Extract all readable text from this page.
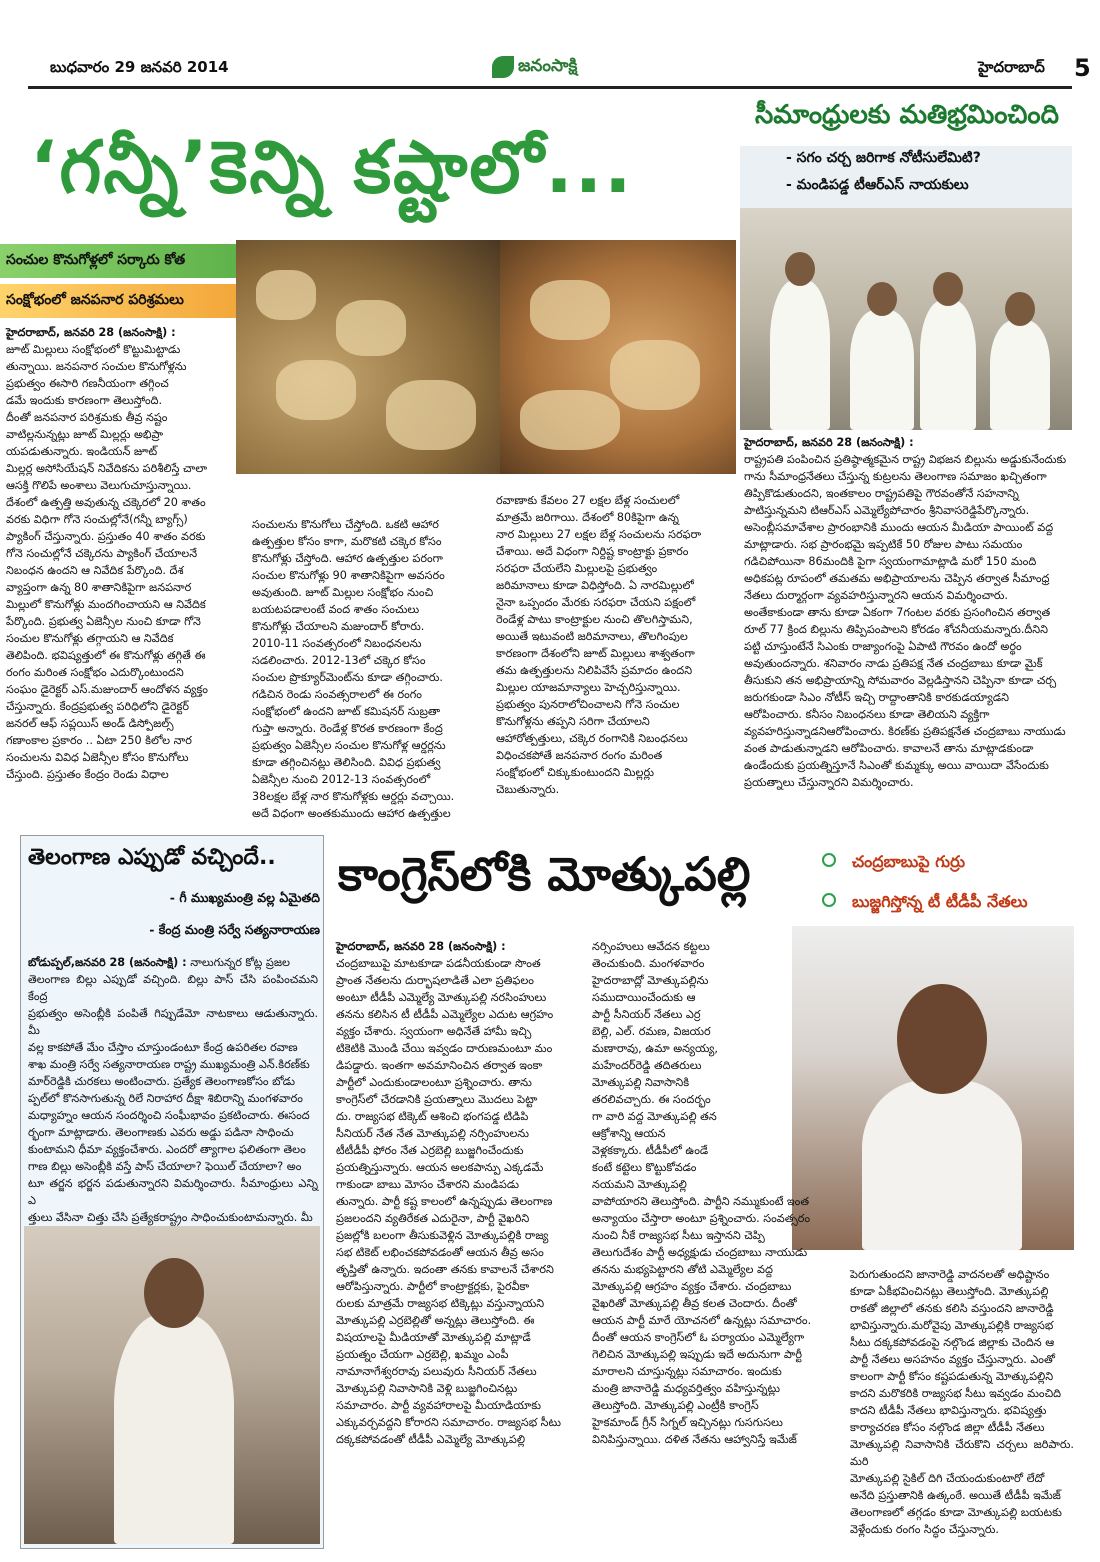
బుధవారం 29 జనవరి 2014	జనంసాక్షి	హైదరాబాద్ 5
‘గన్నీ’కెన్ని కష్టాలో...
సంచుల కొనుగోళ్లలో సర్కారు కోత
సంక్షోభంలో జనపనార పరిశ్రమలు

హైదరాబాద్‌, జనవరి 28 (జనంసాక్షి) :

జూట్‌ మిల్లులు సంక్షోభంలో కొట్టుమిట్టాడు

తున్నాయి. జనపనార సంచుల కొనుగోళ్లను

ప్రభుత్వం ఈసారి గణనీయంగా తగ్గించ

డమే ఇందుకు కారణంగా తెలుస్తోంది.

దీంతో జనపనార పరిశ్రమకు తీవ్ర నష్టం

వాటిల్లనున్నట్లు జూట్‌ మిల్లర్లు అభిప్రా

యపడుతున్నారు. ఇండియన్‌ జూట్‌

మిల్లర్ల అసోసియేషన్‌ నివేదికను పరిశీలిస్తే చాలా

ఆసక్తి గొలిపే అంశాలు వెలుగుచూస్తున్నాయి.

దేశంలో ఉత్పత్తి అవుతున్న చక్కెరలో 20 శాతం

వరకు విధిగా గోనె సంచుల్లోనే(గన్నీ బ్యాగ్స్‌)

ప్యాకింగ్‌ చేస్తున్నారు. ప్రస్తుతం 40 శాతం వరకు

గోనె సంచుల్లోనే చక్కెరను ప్యాకింగ్‌ చేయాలనే

నిబంధన ఉందని ఆ నివేదిక పేర్కొంది. దేశ

వ్యాప్తంగా ఉన్న 80 శాతానికిపైగా జనపనార

మిల్లులో కొనుగోళ్లు మందగించాయని ఆ నివేదిక

పేర్కొంది. ప్రభుత్వ ఏజెన్సీల నుంచి కూడా గోనె

సంచుల కొనుగోళ్లు తగ్గాయని ఆ నివేదిక

తెలిపింది. భవిష్యత్తులో ఈ కొనుగోళ్లు తగ్గితే ఈ

రంగం మరింత సంక్షోభం ఎదుర్కొంటుందని

సంఘం డైరెక్టర్‌ ఎస్‌.మజుందార్‌ ఆందోళన వ్యక్తం

చేస్తున్నారు. కేంద్రప్రభుత్వ పరిధిలోని డైరెక్టర్‌

జనరల్‌ ఆఫ్‌ సప్లయిస్‌ అండ్‌ డిస్పోజల్స్‌

గణాంకాల ప్రకారం .. ఏటా 250 కిలోల నార

సంచులను వివిధ ఏజెన్సీల కోసం కొనుగోలు

చేస్తుంది. ప్రస్తుతం కేంద్రం రెండు విధాల

సంచులను కొనుగోలు చేస్తోంది. ఒకటి ఆహార

ఉత్పత్తుల కోసం కాగా, మరొకటి చక్కెర కోసం

కొనుగోళ్లు చేస్తోంది. ఆహార ఉత్పత్తుల పరంగా

సంచుల కొనుగోళ్లు 90 శాతానికిపైగా అవసరం

అవుతుంది. జూట్‌ మిల్లుల సంక్షోభం నుంచి

బయటపడాలంటే వంద శాతం సంచులు

కొనుగోళ్లు చేయాలని మజుందార్‌ కోరారు.

2010-11 సంవత్సరంలో నిబంధనలను

సడలించారు. 2012-13లో చక్కెర కోసం

సంచుల ప్రొక్యూర్‌మెంట్‌ను కూడా తగ్గించారు.

గడిచిన రెండు సంవత్సరాలలో ఈ రంగం

సంక్షోభంలో ఉందని జూట్‌ కమిషనర్‌ సుబ్రతా

గుప్తా అన్నారు. రెండేళ్ల కొరత కారణంగా కేంద్ర

ప్రభుత్వం ఏజెన్సీల సంచుల కొనుగోళ్ల ఆర్డర్లను

కూడా తగ్గించినట్లు తెలిసింది. వివిధ ప్రభుత్వ

ఏజెన్సీల నుంచి 2012-13 సంవత్సరంలో

38లక్షల బేళ్ల నార కొనుగోళ్లకు ఆర్డర్లు వచ్చాయి.

అదే విధంగా అంతకుముందు ఆహార ఉత్పత్తుల

రవాణాకు కేవలం 27 లక్షల బేళ్ల సంచులలో

మాత్రమే జరిగాయి. దేశంలో 80కిపైగా ఉన్న

నార మిల్లులు 27 లక్షల బేళ్ల సంచులను సరఫరా

చేశాయి. అదే విధంగా నిర్దిష్ట కాంట్రాక్టు ప్రకారం

సరఫరా చేయలేని మిల్లులపై ప్రభుత్వం

జరిమానాలు కూడా విధిస్తోంది. ఏ నారమిల్లులో

నైనా ఒప్పందం మేరకు సరఫరా చేయని పక్షంలో

రెండేళ్ల పాటు కాంట్రాక్టుల నుంచి తొలగిస్తామని,

అయితే ఇటువంటి జరిమానాలు, తొలగింపుల

కారణంగా దేశంలోని జూట్‌ మిల్లులు శాశ్వతంగా

తమ ఉత్పత్తులను నిలిపివేసే ప్రమాదం ఉందని

మిల్లుల యాజమాన్యాలు హెచ్చరిస్తున్నాయి.

ప్రభుత్వం పునరాలోచించాలని గోనె సంచుల

కొనుగోళ్లను తప్పని సరిగా చేయాలని

ఆహారోత్పత్తులు, చక్కెర రంగానికి నిబంధనలు

విధించకపోతే జనపనార రంగం మరింత

సంక్షోభంలో చిక్కుకుంటుందని మిల్లర్లు

చెబుతున్నారు.

సీమాంధ్రులకు మతిభ్రమించింది
- సగం చర్చ జరిగాక నోటీసులేమిటి?
- మండిపడ్డ టీఆర్‌ఎస్‌ నాయకులు

హైదరాబాద్‌, జనవరి 28 (జనంసాక్షి) :

రాష్ట్రపతి పంపించిన ప్రతిష్ఠాత్మకమైన రాష్ట్ర విభజన బిల్లును అడ్డుకునేందుకు

గాను సీమాంధ్రనేతలు చేస్తున్న కుట్రలను తెలంగాణ సమాజం ఖచ్చితంగా

తిప్పికొడుతుందని, ఇంతకాలం రాష్ట్రపతిపై గౌరవంతోనే సహనాన్ని

పాటిస్తున్నమని టిఆర్‌ఎస్‌ ఎమ్మెల్యేపోచారం శ్రీనివాసరెడ్డిపేర్కొన్నారు.

అసెంబ్లీసమావేశాల ప్రారంభానికి ముందు ఆయన మీడియా పాయింట్‌ వద్ద

మాట్లాడారు. సభ ప్రారంభమై ఇప్పటికే 50 రోజుల పాటు సమయం

గడిచిపోయినా 86మందికి పైగా స్వయంగామాట్లాడి మరో 150 మంది

అధికపట్ల రూపంలో తమతమ అభిప్రాయాలను చెప్పిన తర్వాత సీమాంధ్ర

నేతలు దుర్మార్గంగా వ్యవహరిస్తున్నారని ఆయన విమర్శించారు.

అంతేకాకుండా తాను కూడా ఏకంగా 7గంటల వరకు ప్రసంగించిన తర్వాత

రూల్‌ 77 క్రింద బిల్లును తిప్పిపంపాలని కోరడం శోచనీయమన్నారు.దీనిని

పట్టి చూస్తుంటేనే సిఎంకు రాజ్యాంగంపై ఏపాటి గౌరవం ఉందో అర్థం

అవుతుందన్నారు. శనివారం నాడు ప్రతిపక్ష నేత చంద్రబాబు కూడా మైక్‌

తీసుకుని తన అభిప్రాయాన్ని సోమవారం వెల్లడిస్తానని చెప్పినా కూడా చర్చ

జరుగకుండా సిఎం నోటీస్‌ ఇచ్చి రాద్దాంతానికి కారకుడయ్యాడని

ఆరోపించారు. కనీసం నిబంధనలు కూడా తెలియని వ్యక్తిగా

వ్యవహరిస్తున్నాడనిఆరోపించారు. కిరణ్‌కు ప్రతిపక్షనేత చంద్రబాబు నాయుడు

వంత పాడుతున్నాడని ఆరోపించారు. కావాలనే తాను మాట్లాడకుండా

ఉండేందుకు ప్రయత్నిస్తూనే సిఎంతో కుమ్మక్కు అయి వాయిదా వేసేందుకు

ప్రయత్నాలు చేస్తున్నారని విమర్శించారు.

తెలంగాణ ఎప్పుడో వచ్చిందే..
- గీ ముఖ్యమంత్రి వల్ల ఏమైతది
- కేంద్ర మంత్రి సర్వే సత్యనారాయణ

బోడుప్పల్‌,జనవరి 28 (జనంసాక్షి) : నాలుగున్నర కోట్ల ప్రజల

తెలంగాణ బిల్లు ఎప్పుడో వచ్చింది. బిల్లు పాస్‌ చేసి పంపించమని కేంద్ర

ప్రభుత్వం అసెంబ్లీకి పంపితే గిప్పుడేమో నాటకాలు ఆడుతున్నారు. మీ

వల్ల కాకపోతే మేం చేస్తాం చూస్తుండంటూ కేంద్ర ఉపరితల రవాణ

శాఖ మంత్రి సర్వే సత్యనారాయణ రాష్ట్ర ముఖ్యమంత్రి ఎన్‌.కిరణ్‌కు

మార్‌రెడ్డికి చురకలు అంటించారు. ప్రత్యేక తెలంగాణకోసం బోడు

ప్పల్‌లో కొనసాగుతున్న రిలే నిరాహార దీక్షా శిబిరాన్ని మంగళవారం

మధ్యాహ్నం ఆయన సందర్శించి సంఘీభావం ప్రకటించారు. ఈసంద

ర్భంగా మాట్లాడారు. తెలంగాణకు ఎవరు అడ్డు పడినా సాధించు

కుంటామని ధీమా వ్యక్తంచేశారు. ఎందరో త్యాగాల ఫలితంగా తెలం

గాణ బిల్లు అసెంబ్లీకి వస్తే పాస్‌ చేయాలా? ఫెయిల్‌ చేయాలా? అం

టూ తర్జన భర్జన పడుతున్నారని విమర్శించారు. సీమాంధ్రులు ఎన్ని ఎ

త్తులు వేసినా చిత్తు చేసి ప్రత్యేకరాష్ట్రం సాధించుకుంటామన్నారు. మీ

కాంగ్రెస్‌లోకి మోత్కుపల్లి	చంద్రబాబుపై గుర్రు
బుజ్జగిస్తోన్న టీ టీడీపీ నేతలు

హైదరాబాద్‌, జనవరి 28 (జనంసాక్షి) :

చంద్రబాబుపై మాటకూడా పడనీయకుండా సొంత

ప్రాంత నేతలను దుర్భాషలాడితే ఎలా ప్రతిఫలం

అంటూ టీడీపీ ఎమ్మెల్యే మోత్కుపల్లి నరసింహులు

తనను కలిసిన టీ టీడీపీ ఎమ్మెల్యేల ఎదుట ఆగ్రహం

వ్యక్తం చేశారు. స్వయంగా అధినేతే హామీ ఇచ్చి

టికెటికి మొండి చేయి ఇవ్వడం దారుణమంటూ మం

డిపడ్డారు. ఇంతగా అవమానించిన తర్వాత ఇంకా

పార్టీలో ఎందుకుండాలంటూ ప్రశ్నించారు. తాను

కాంగ్రెస్‌లో చేరడానికి ప్రయత్నాలు మొదలు పెట్టా

దు. రాజ్యసభ టిక్కెట్‌ ఆశించి భంగపడ్డ టిడిపి

సీనియర్‌ నేత నేత మోత్కుపల్లి నర్సింహులను

టీటీడీపీ ఫోరం నేత ఎర్రబెల్లి బుజ్జగించేందుకు

ప్రయత్నిస్తున్నారు. ఆయన అలకపాన్పు ఎక్కడమే

గాకుండా బాబు మోసం చేశారని మండిపడు

తున్నారు. పార్టీ కష్ట కాలంలో ఉన్నప్పుడు తెలంగాణ

ప్రజలందని వ్యతిరేకత ఎదురైనా, పార్టీ వైఖరిని

ప్రజల్లోకి బలంగా తీసుకువెళ్లిన మోత్కుపల్లికి రాజ్య

సభ టికెట్‌ లభించకపోవడంతో ఆయన తీవ్ర అసం

తృప్తితో ఉన్నారు. ఇదంతా తనకు కావాలనే చేశారని

ఆరోపిస్తున్నారు. పార్టీలో కాంట్రాక్టర్లకు, పైరవీకా

రులకు మాత్రమే రాజ్యసభ టిక్కెట్లు వస్తున్నాయని

మోత్కుపల్లి ఎర్రబెల్లితో అన్నట్లు తెలుస్తోంది. ఈ

విషయాలపై మీడియాతో మోత్కుపల్లి మాట్లాడే

ప్రయత్నం చేయగా ఎర్రబెల్లి, ఖమ్మం ఎంపీ

నామానాగేశ్వరరావు పలువురు సీనియర్‌ నేతలు

మోత్కుపల్లి నివాసానికి వెళ్లి బుజ్జగించినట్లు

సమాచారం. పార్టీ వ్యవహారాలపై మీయాడియాకు

ఎక్కువర్చవద్దని కోరారని సమాచారం. రాజ్యసభ సీటు

దక్కకపోవడంతో టీడీపీ ఎమ్మెల్యే మోత్కుపల్లి

నర్సింహులు ఆవేదన కట్టలు

తెంచుకుంది. మంగళవారం

హైదరాబాద్లో మోత్కుపల్లిను

సముదాయించేందుకు ఆ

పార్టీ సీనియర్‌ నేతలు ఎర్ర

బెల్లి, ఎల్‌. రమణ, విజయర

మణారావు, ఉమా అన్యయ్య,

మహేందర్‌రెడ్డి తదితరులు

మోత్కుపల్లి నివాసానికి

తరలివచ్చారు. ఈ సందర్భం

గా వారి వద్ద మోత్కుపల్లి తన

ఆక్రోశాన్ని ఆయన

వెళ్లకక్కారు. టీడీపీలో ఉండే

కంటే కట్టెలు కొట్టుకోవడం

నయమని మోత్కుపల్లి

వాపోయారని తెలుస్తోంది. పార్టీని నమ్ముకుంటే ఇంత

అన్యాయం చేస్తారా అంటూ ప్రశ్నించారు. సంవత్సరం

నుంచి నీకే రాజ్యసభ సీటు ఇస్తానని చెప్పి

తెలుగుదేశం పార్టీ అధ్యక్షుడు చంద్రబాబు నాయుడు

తనను మభ్యపెట్టారని తోటి ఎమ్మెల్యేల వద్ద

మోత్కుపల్లి ఆగ్రహం వ్యక్తం చేశారు. చంద్రబాబు

వైఖరితో మోత్కుపల్లి తీవ్ర కలత చెందారు. దీంతో

ఆయన పార్టీ మారే యోచనలో ఉన్నట్లు సమాచారం.

దీంతో ఆయన కాంగ్రెస్‌లో ఓ పర్యాయం ఎమ్మెల్యేగా

గెలిచిన మోత్కుపల్లి ఇప్పుడు ఇదే అదునుగా పార్టీ

మారాలని చూస్తున్నట్లు సమాచారం. ఇందుకు

మంత్రి జానారెడ్డి మధ్యవర్తిత్వం వహిస్తున్నట్లు

తెలుస్తోంది. మోత్కుపల్లి ఎంట్రీకి కాంగ్రెస్‌

హైకమాండ్‌ గ్రీన్‌ సిగ్నల్‌ ఇచ్చినట్లు గుసగుసలు

వినిపిస్తున్నాయి. దళిత నేతను ఆహ్వానిస్తే ఇమేజ్‌

పెరుగుతుందని జానారెడ్డి వాదనలతో అధిష్టానం

కూడా ఏకీభవించినట్లు తెలుస్తోంది. మోత్కుపల్లి

రాకతో జిల్లాలో తనకు కలిసి వస్తుందని జానారెడ్డి

భావిస్తున్నారు.మరోవైపు మోత్కుపల్లికి రాజ్యసభ

సీటు దక్కకపోవడంపై నల్గొండ జిల్లాకు చెందిన ఆ

పార్టీ నేతలు అసహనం వ్యక్తం చేస్తున్నారు. ఎంతో

కాలంగా పార్టీ కోసం కష్టపడుతున్న మోత్కుపల్లిని

కాదని మరొకరికి రాజ్యసభ సీటు ఇవ్వడం మంచిది

కాదని టీడీపీ నేతలు భావిస్తున్నారు. భవిష్యత్తు

కార్యాచరణ కోసం నల్గొండ జిల్లా టీడీపీ నేతలు

మోత్కుపల్లి నివాసానికి చేరుకొని చర్చలు జరిపారు. మరి

మోత్కుపల్లి సైకిల్‌ దిగి చేయందుకుంటారో లేదో

అనేది ప్రస్తుతానికి ఉత్కంఠే. అయితే టీడీపీ ఇమేజ్‌

తెలంగాణలో తగ్గడం కూడా మోత్కుపల్లి బయటకు

వెళ్లేందుకు రంగం సిద్ధం చేస్తున్నారు.
